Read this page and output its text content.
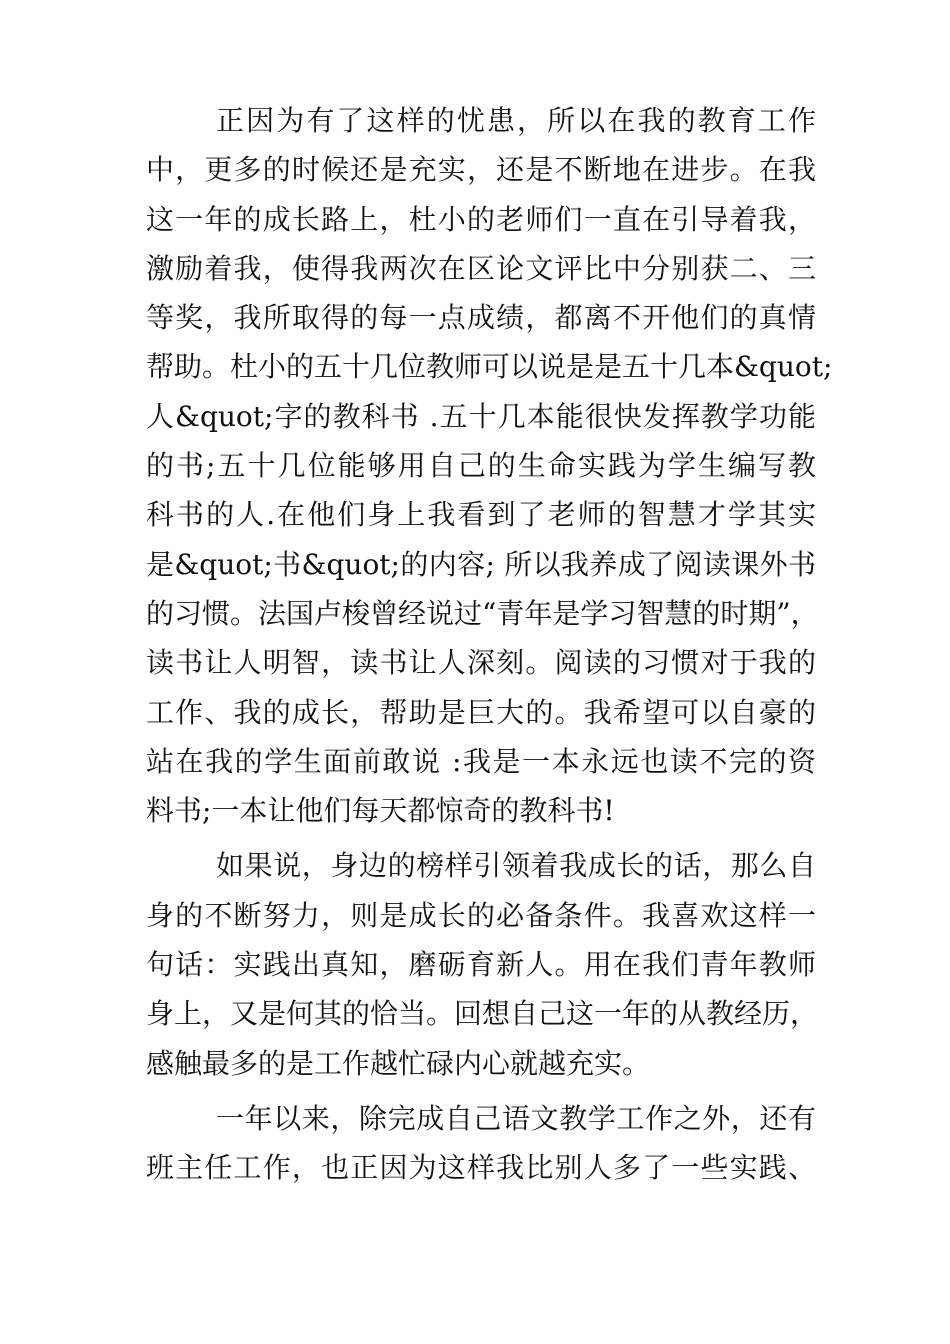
正因为有了这样的忧患，所以在我的教育工作
中，更多的时候还是充实，还是不断地在进步。在我
这一年的成长路上，杜小的老师们一直在引导着我，
激励着我，使得我两次在区论文评比中分别获二、三
等奖，我所取得的每一点成绩，都离不开他们的真情
帮助。杜小的五十几位教师可以说是是五十几本&quot;
人&quot;字的教科书 .五十几本能很快发挥教学功能
的书;五十几位能够用自己的生命实践为学生编写教
科书的人.在他们身上我看到了老师的智慧才学其实
是&quot;书&quot;的内容; 所以我养成了阅读课外书
的习惯。法国卢梭曾经说过“青年是学习智慧的时期”，
读书让人明智，读书让人深刻。阅读的习惯对于我的
工作、我的成长，帮助是巨大的。我希望可以自豪的
站在我的学生面前敢说 :我是一本永远也读不完的资
料书;一本让他们每天都惊奇的教科书!
如果说，身边的榜样引领着我成长的话，那么自
身的不断努力，则是成长的必备条件。我喜欢这样一
句话：实践出真知，磨砺育新人。用在我们青年教师
身上，又是何其的恰当。回想自己这一年的从教经历，
感触最多的是工作越忙碌内心就越充实。
一年以来，除完成自己语文教学工作之外，还有
班主任工作，也正因为这样我比别人多了一些实践、
